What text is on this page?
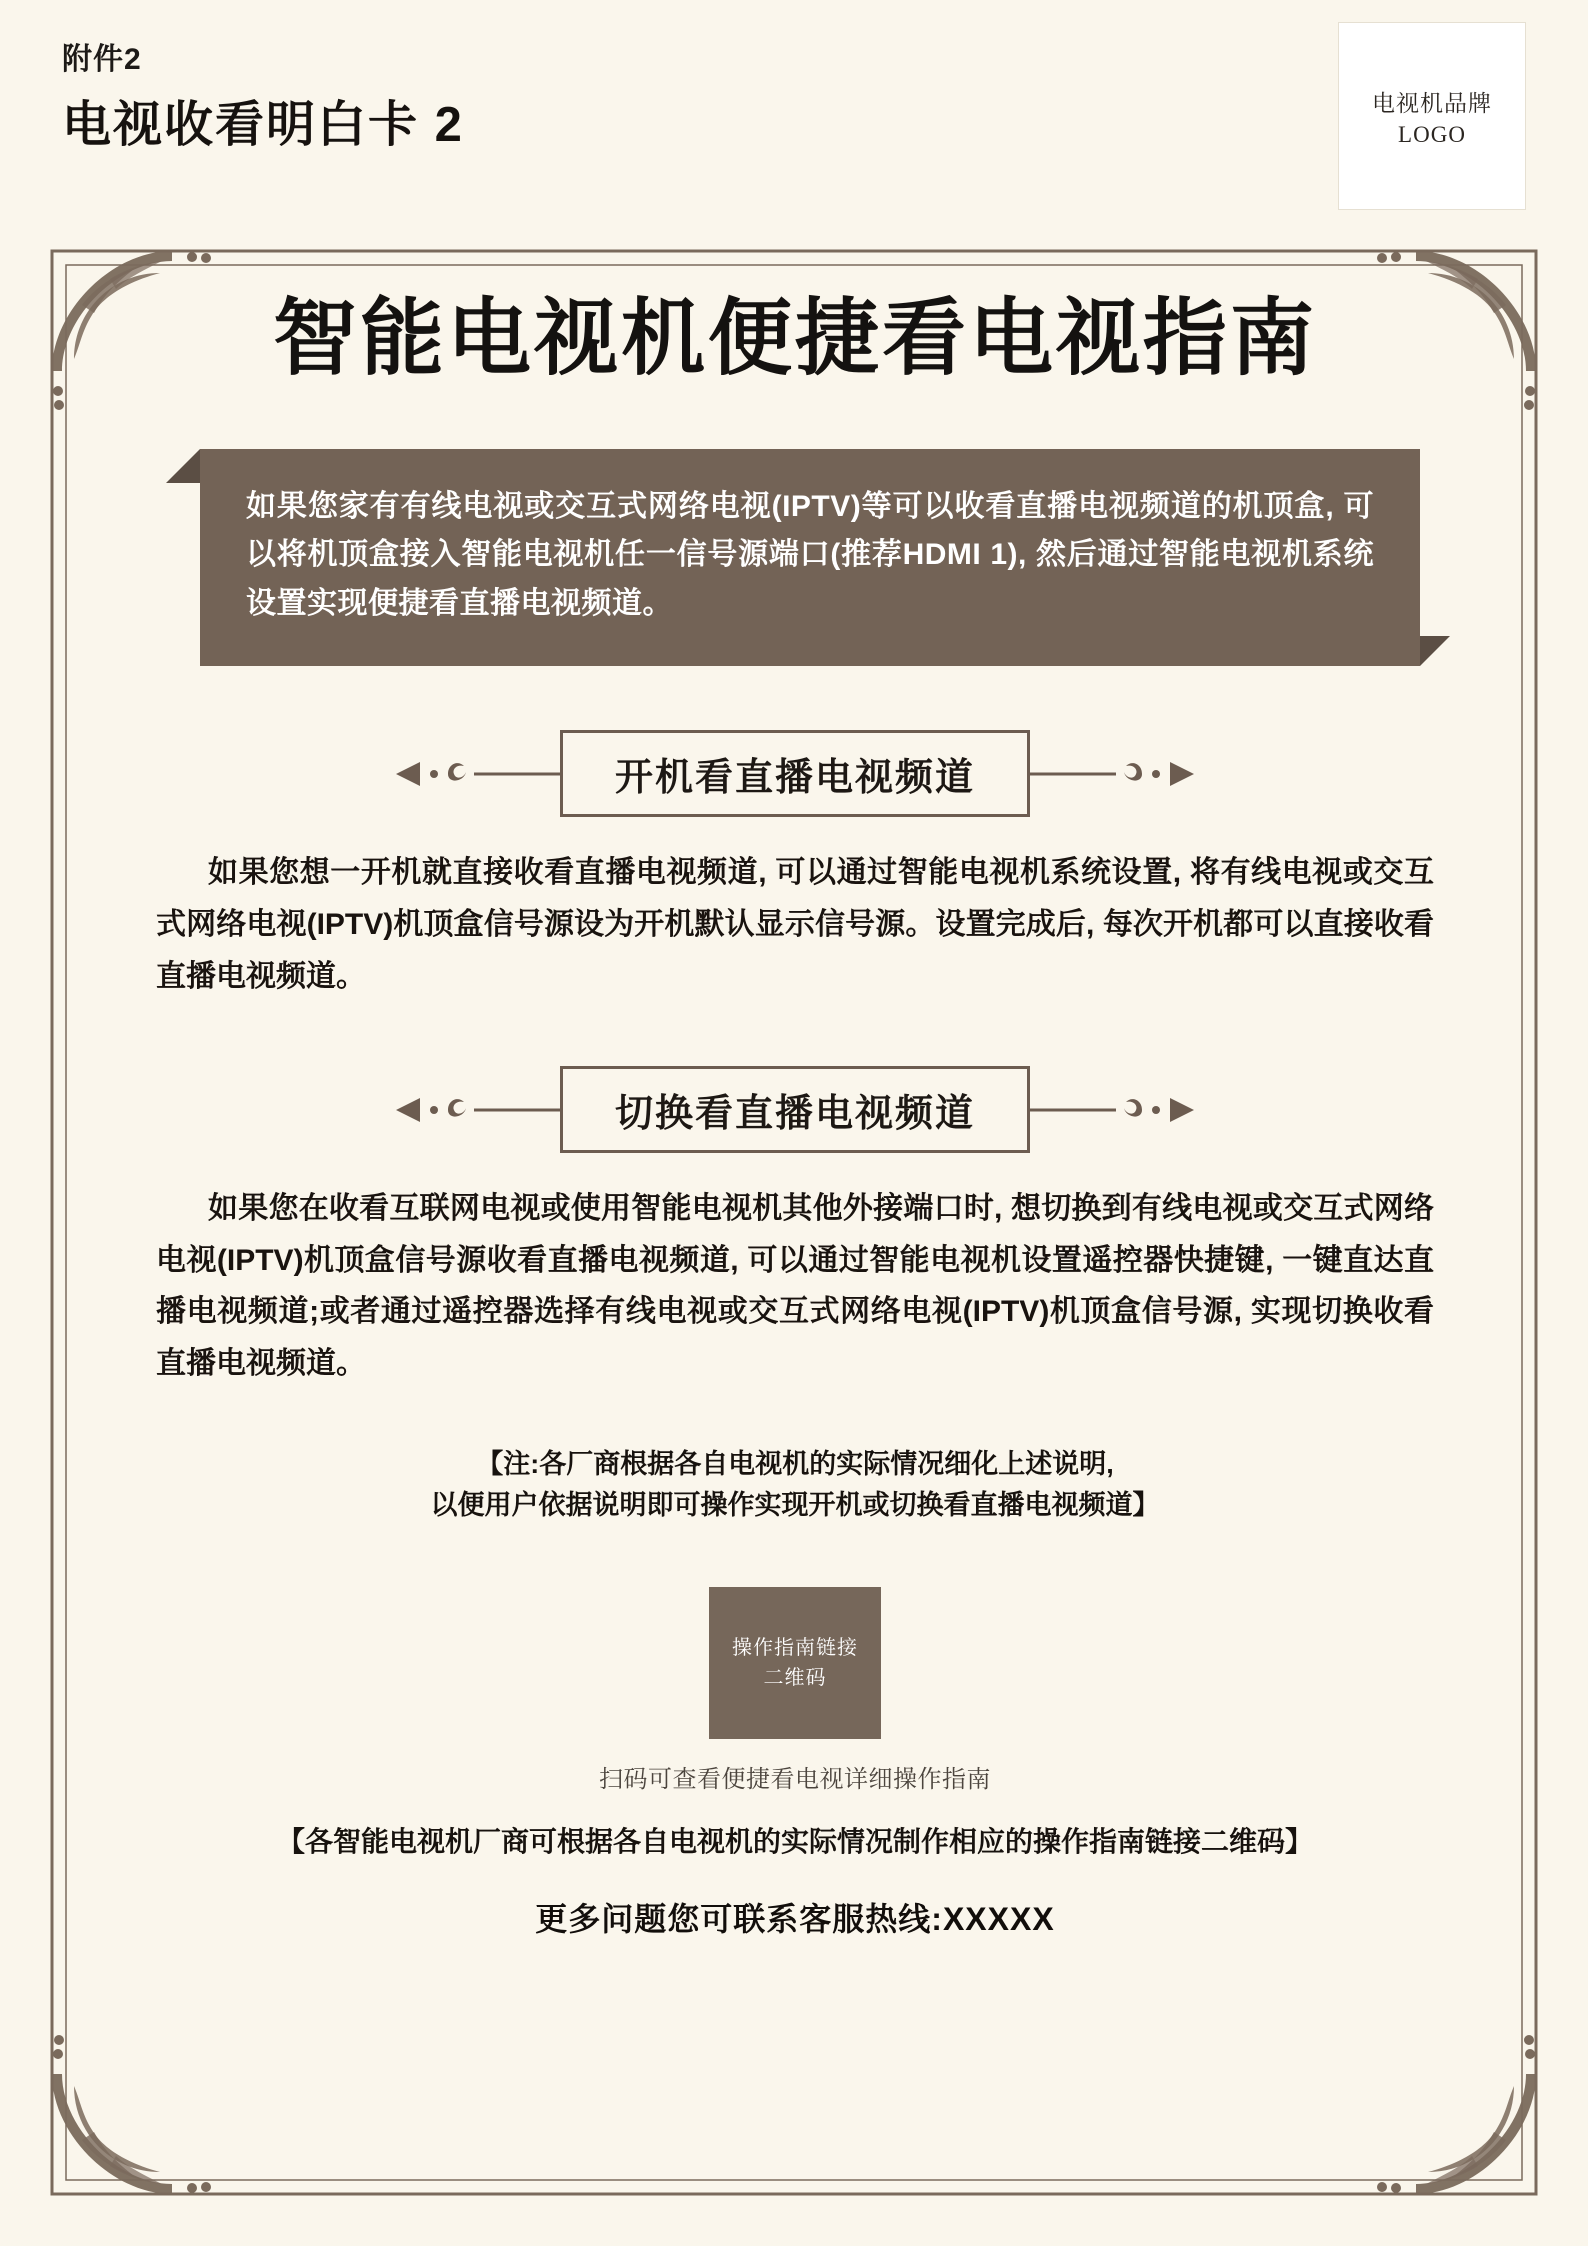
附件2
电视收看明白卡 2	电视机品牌
LOGO
智能电视机便捷看电视指南

如果您家有有线电视或交互式网络电视(IPTV)等可以收看直播电视频道的机顶盒, 可以将机顶盒接入智能电视机任一信号源端口(推荐HDMI 1), 然后通过智能电视机系统设置实现便捷看直播电视频道。

开机看直播电视频道

如果您想一开机就直接收看直播电视频道, 可以通过智能电视机系统设置, 将有线电视或交互式网络电视(IPTV)机顶盒信号源设为开机默认显示信号源。设置完成后, 每次开机都可以直接收看直播电视频道。

切换看直播电视频道

如果您在收看互联网电视或使用智能电视机其他外接端口时, 想切换到有线电视或交互式网络电视(IPTV)机顶盒信号源收看直播电视频道, 可以通过智能电视机设置遥控器快捷键, 一键直达直播电视频道;或者通过遥控器选择有线电视或交互式网络电视(IPTV)机顶盒信号源, 实现切换收看直播电视频道。

【注:各厂商根据各自电视机的实际情况细化上述说明,
以便用户依据说明即可操作实现开机或切换看直播电视频道】
操作指南链接
二维码
扫码可查看便捷看电视详细操作指南
【各智能电视机厂商可根据各自电视机的实际情况制作相应的操作指南链接二维码】
更多问题您可联系客服热线:XXXXX
